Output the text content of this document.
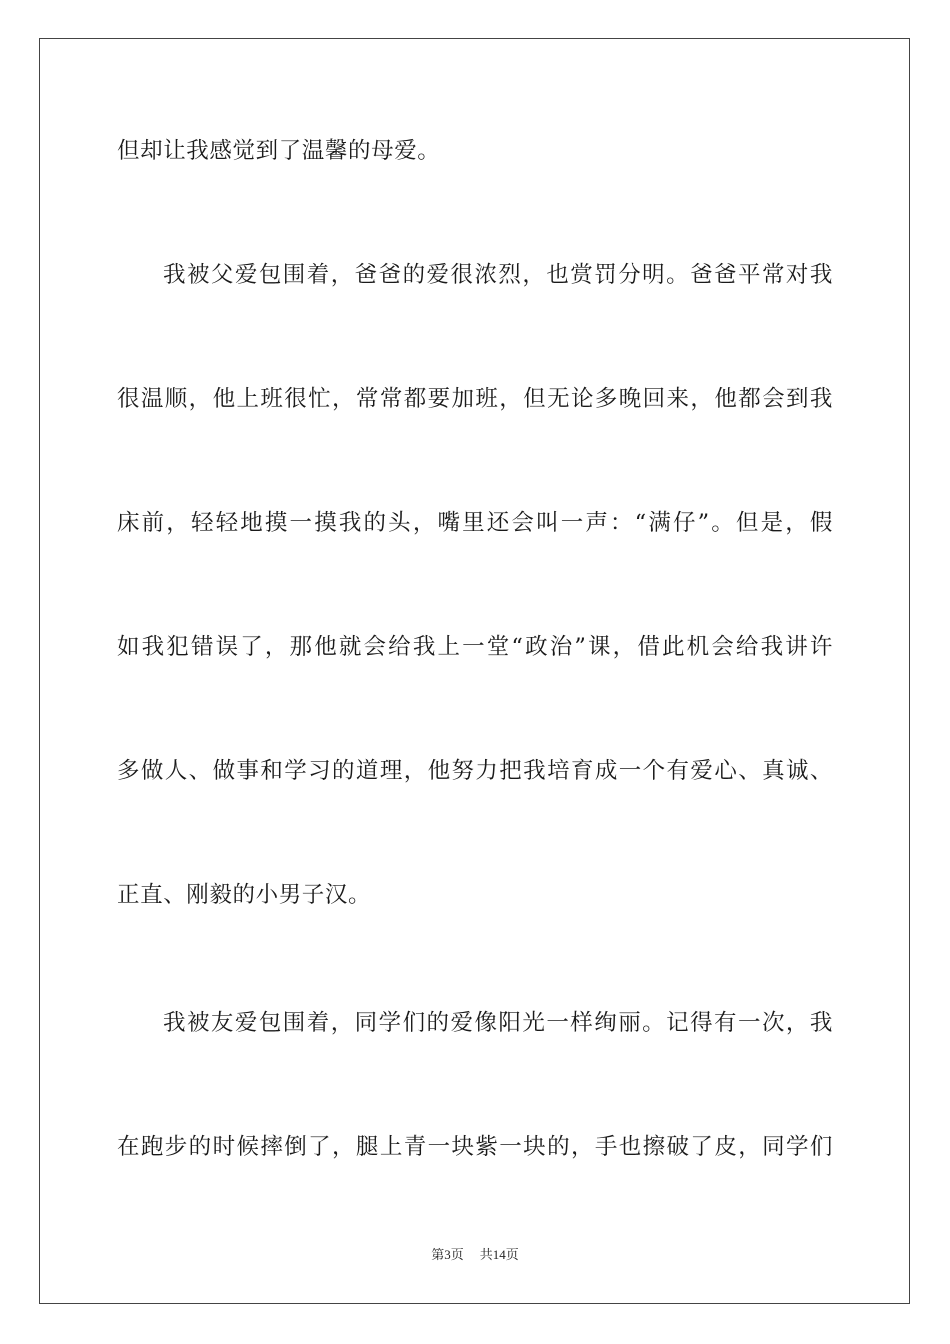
但却让我感觉到了温馨的母爱。
我被父爱包围着，爸爸的爱很浓烈，也赏罚分明。爸爸平常对我
很温顺，他上班很忙，常常都要加班，但无论多晚回来，他都会到我
床前，轻轻地摸一摸我的头，嘴里还会叫一声：“满仔”。但是，假
如我犯错误了，那他就会给我上一堂“政治”课，借此机会给我讲许
多做人、做事和学习的道理，他努力把我培育成一个有爱心、真诚、
正直、刚毅的小男子汉。
我被友爱包围着，同学们的爱像阳光一样绚丽。记得有一次，我
在跑步的时候摔倒了，腿上青一块紫一块的，手也擦破了皮，同学们
第3页 共14页
